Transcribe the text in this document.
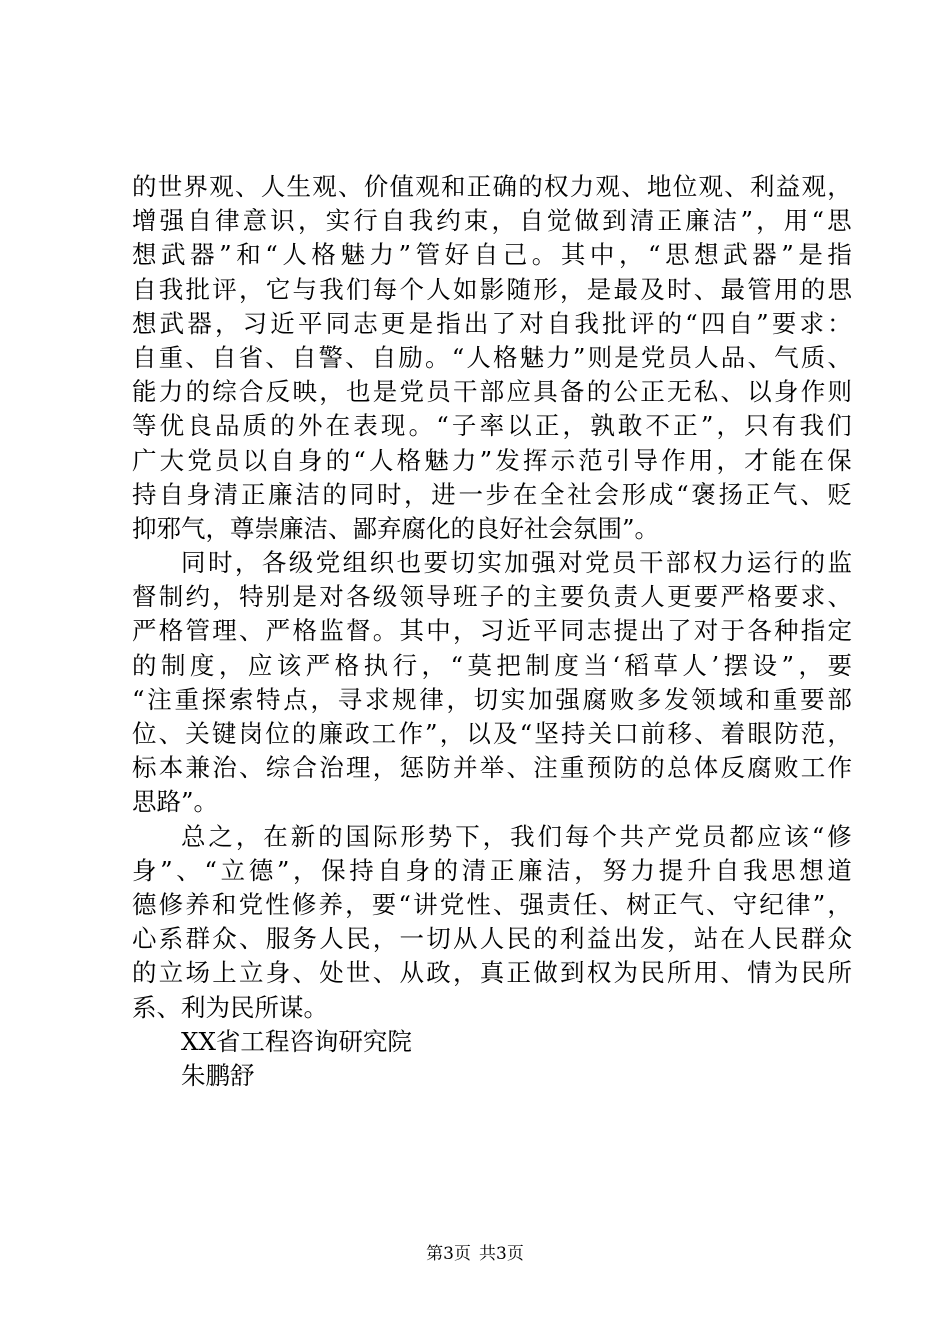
的 世 界 观 、 人 生 观 、 价 值 观 和 正 确 的 权 力 观 、 地 位 观 、 利 益 观 ，
增 强 自 律 意 识 ， 实 行 自 我 约 束 ， 自 觉 做 到 清 正 廉 洁 ” ， 用 “ 思
想 武 器 ” 和 “ 人 格 魅 力 ” 管 好 自 己 。 其 中 ， “ 思 想 武 器 ” 是 指
自 我 批 评 ， 它 与 我 们 每 个 人 如 影 随 形 ， 是 最 及 时 、 最 管 用 的 思
想 武 器 ， 习 近 平 同 志 更 是 指 出 了 对 自 我 批 评 的 “ 四 自 ” 要 求 ：
自 重 、 自 省 、 自 警 、 自 励 。 “ 人 格 魅 力 ” 则 是 党 员 人 品 、 气 质 、
能 力 的 综 合 反 映 ， 也 是 党 员 干 部 应 具 备 的 公 正 无 私 、 以 身 作 则
等 优 良 品 质 的 外 在 表 现 。 “ 子 率 以 正 ， 孰 敢 不 正 ” ， 只 有 我 们
广 大 党 员 以 自 身 的 “ 人 格 魅 力 ” 发 挥 示 范 引 导 作 用 ， 才 能 在 保
持 自 身 清 正 廉 洁 的 同 时 ， 进 一 步 在 全 社 会 形 成 “ 褒 扬 正 气 、 贬
抑邪气，尊崇廉洁、鄙弃腐化的良好社会氛围”。
同 时 ， 各 级 党 组 织 也 要 切 实 加 强 对 党 员 干 部 权 力 运 行 的 监
督 制 约 ， 特 别 是 对 各 级 领 导 班 子 的 主 要 负 责 人 更 要 严 格 要 求 、
严 格 管 理 、 严 格 监 督 。 其 中 ， 习 近 平 同 志 提 出 了 对 于 各 种 指 定
的 制 度 ， 应 该 严 格 执 行 ， “ 莫 把 制 度 当 ‘ 稻 草 人 ’ 摆 设 ” ， 要
“ 注 重 探 索 特 点 ， 寻 求 规 律 ， 切 实 加 强 腐 败 多 发 领 域 和 重 要 部
位 、 关 键 岗 位 的 廉 政 工 作 ” ， 以 及 “ 坚 持 关 口 前 移 、 着 眼 防 范 ，
标 本 兼 治 、 综 合 治 理 ， 惩 防 并 举 、 注 重 预 防 的 总 体 反 腐 败 工 作
思路”。
总 之 ， 在 新 的 国 际 形 势 下 ， 我 们 每 个 共 产 党 员 都 应 该 “ 修
身 ” 、 “ 立 德 ” ， 保 持 自 身 的 清 正 廉 洁 ， 努 力 提 升 自 我 思 想 道
德 修 养 和 党 性 修 养 ， 要 “ 讲 党 性 、 强 责 任 、 树 正 气 、 守 纪 律 ” ，
心 系 群 众 、 服 务 人 民 ， 一 切 从 人 民 的 利 益 出 发 ， 站 在 人 民 群 众
的 立 场 上 立 身 、 处 世 、 从 政 ， 真 正 做 到 权 为 民 所 用 、 情 为 民 所
系、利为民所谋。
XX省工程咨询研究院
朱鹏舒
第3页 共3页
